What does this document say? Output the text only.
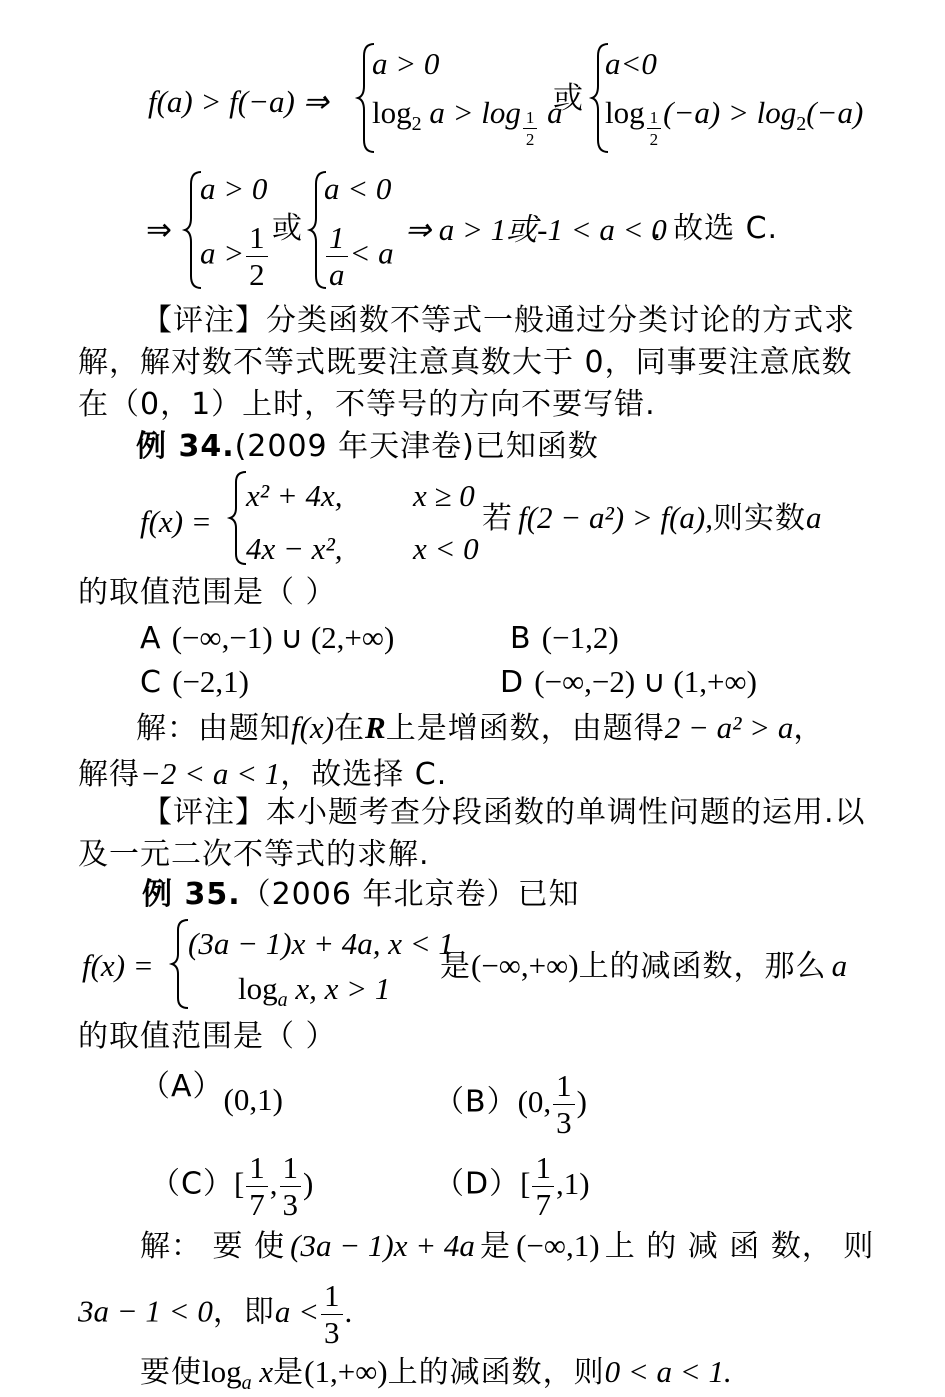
f(a) > f(−a) ⇒
a > 0
$\log_2 a > \log \frac{1}{2}$ a
或
a<0
$\log \frac{1}{2} (-a) > \log_2(-a)$
⇒
a > 0
$a > \frac{1}{2}$ 或
a < 0
$\frac{1}{a} < a$
⇒ a > 1或-1 < a < 0
. 故选 C.
【评注】分类函数不等式一般通过分类讨论的方式求
解，解对数不等式既要注意真数大于 0，同事要注意底数
在（0，1）上时，不等号的方向不要写错.
例 34.(2009 年天津卷)已知函数
f(x) =
x² + 4x, x ≥ 0
4x − x², x < 0
若 f(2 − a²) > f(a),则实数a
的取值范围是（ ）
A (−∞,−1) ∪ (2,+∞)	B (−1,2)
C (−2,1)	D (−∞,−2) ∪ (1,+∞)
解：由题知f(x)在R上是增函数，由题得2 − a² > a，
解得−2 < a < 1，故选择 C.
【评注】本小题考查分段函数的单调性问题的运用.以
及一元二次不等式的求解.
例 35.（2006 年北京卷）已知
f(x) =
(3a − 1)x + 4a, x < 1
$\log_a x$, x > 1
是(−∞,+∞)上的减函数，那么 a
的取值范围是（ ）
（A）(0,1)	（B）(0, $\frac{1}{3}$ )
$(C)[ \frac{1}{7}$ , $\frac{1}{3}$ )	$(D)[ \frac{1}{7} ,1)$
解： 要 使 (3a − 1)x + 4a 是 (−∞,1) 上 的 减 函 数， 则
3a − 1 < 0，即$a < \frac{1}{3}$ .
要使$\log_a x$是(1,+∞)上的减函数，则0 < a < 1.
